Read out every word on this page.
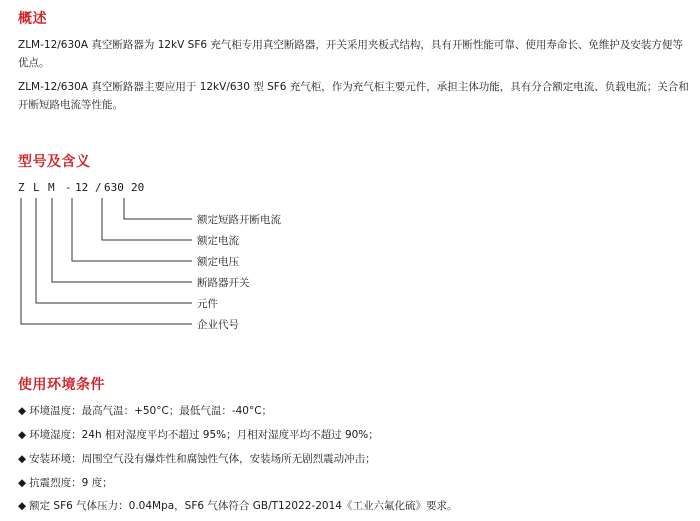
概述

ZLM-12/630A 真空断路器为 12kV SF6 充气柜专用真空断路器，开关采用夹板式结构，具有开断性能可靠、使用寿命长、免维护及安装方便等优点。

ZLM-12/630A 真空断路器主要应用于 12kV/630 型 SF6 充气柜，作为充气柜主要元件，承担主体功能，具有分合额定电流、负载电流；关合和开断短路电流等性能。

型号及含义
Z L M - 12 / 630 20
额定短路开断电流
额定电流
额定电压
断路器开关
元件
企业代号
使用环境条件
◆ 环境温度：最高气温：+50°C；最低气温：-40°C；
◆ 环境湿度：24h 相对湿度平均不超过 95%；月相对湿度平均不超过 90%；
◆ 安装环境：周围空气没有爆炸性和腐蚀性气体，安装场所无剧烈震动冲击；
◆ 抗震烈度：9 度；
◆ 额定 SF6 气体压力：0.04Mpa，SF6 气体符合 GB/T12022-2014《工业六氟化硫》要求。
